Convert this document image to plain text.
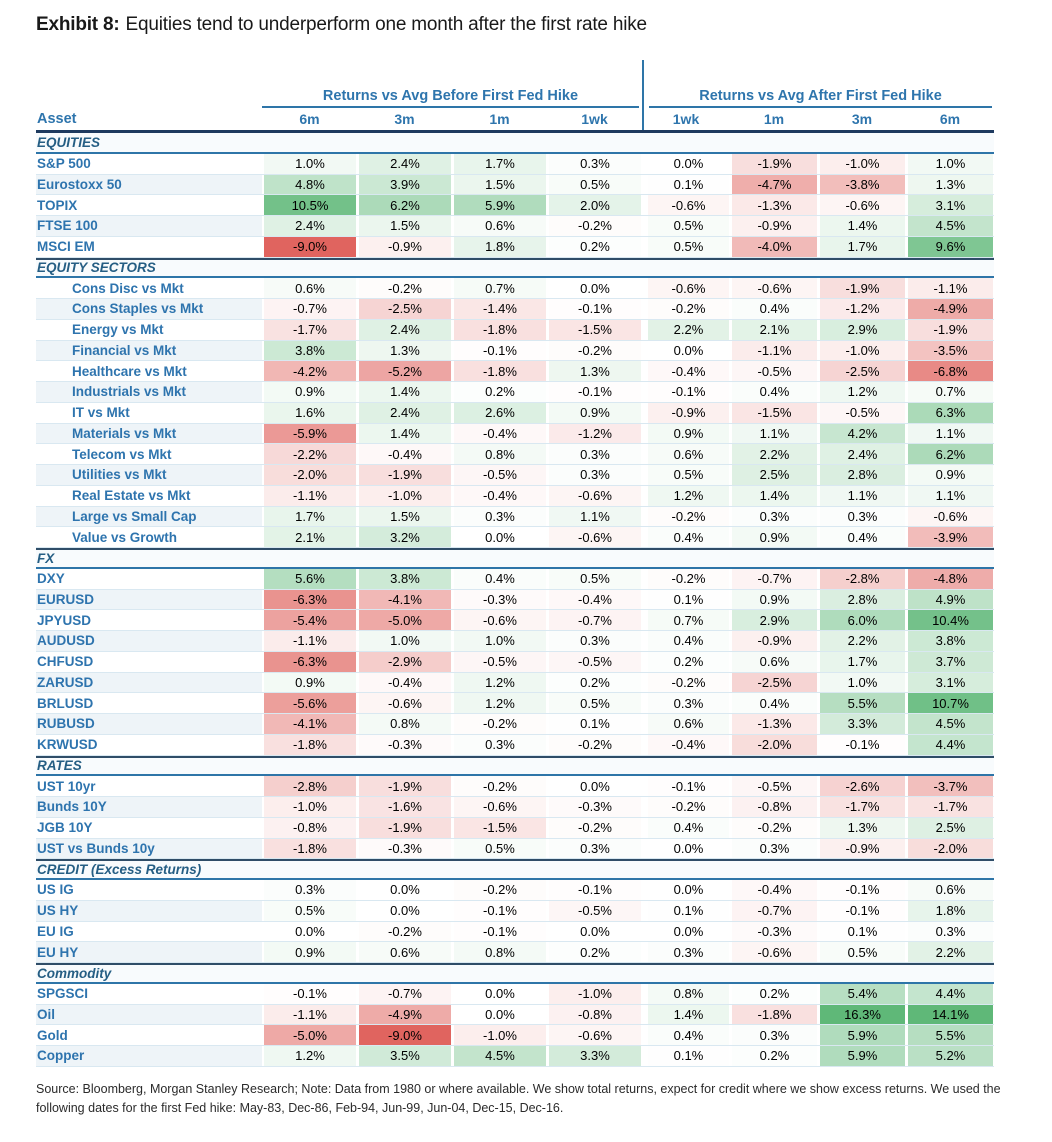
Exhibit 8: Equities tend to underperform one month after the first rate hike
Returns vs Avg Before First Fed Hike	Returns vs Avg After First Fed Hike
Asset	6m	3m	1m	1wk	1wk	1m	3m	6m
EQUITIES
S&P 500	1.0%	2.4%	1.7%	0.3%	0.0%	-1.9%	-1.0%	1.0%
Eurostoxx 50	4.8%	3.9%	1.5%	0.5%	0.1%	-4.7%	-3.8%	1.3%
TOPIX	10.5%	6.2%	5.9%	2.0%	-0.6%	-1.3%	-0.6%	3.1%
FTSE 100	2.4%	1.5%	0.6%	-0.2%	0.5%	-0.9%	1.4%	4.5%
MSCI EM	-9.0%	-0.9%	1.8%	0.2%	0.5%	-4.0%	1.7%	9.6%
EQUITY SECTORS
Cons Disc vs Mkt	0.6%	-0.2%	0.7%	0.0%	-0.6%	-0.6%	-1.9%	-1.1%
Cons Staples vs Mkt	-0.7%	-2.5%	-1.4%	-0.1%	-0.2%	0.4%	-1.2%	-4.9%
Energy vs Mkt	-1.7%	2.4%	-1.8%	-1.5%	2.2%	2.1%	2.9%	-1.9%
Financial vs Mkt	3.8%	1.3%	-0.1%	-0.2%	0.0%	-1.1%	-1.0%	-3.5%
Healthcare vs Mkt	-4.2%	-5.2%	-1.8%	1.3%	-0.4%	-0.5%	-2.5%	-6.8%
Industrials vs Mkt	0.9%	1.4%	0.2%	-0.1%	-0.1%	0.4%	1.2%	0.7%
IT vs Mkt	1.6%	2.4%	2.6%	0.9%	-0.9%	-1.5%	-0.5%	6.3%
Materials vs Mkt	-5.9%	1.4%	-0.4%	-1.2%	0.9%	1.1%	4.2%	1.1%
Telecom vs Mkt	-2.2%	-0.4%	0.8%	0.3%	0.6%	2.2%	2.4%	6.2%
Utilities vs Mkt	-2.0%	-1.9%	-0.5%	0.3%	0.5%	2.5%	2.8%	0.9%
Real Estate vs Mkt	-1.1%	-1.0%	-0.4%	-0.6%	1.2%	1.4%	1.1%	1.1%
Large vs Small Cap	1.7%	1.5%	0.3%	1.1%	-0.2%	0.3%	0.3%	-0.6%
Value vs Growth	2.1%	3.2%	0.0%	-0.6%	0.4%	0.9%	0.4%	-3.9%
FX
DXY	5.6%	3.8%	0.4%	0.5%	-0.2%	-0.7%	-2.8%	-4.8%
EURUSD	-6.3%	-4.1%	-0.3%	-0.4%	0.1%	0.9%	2.8%	4.9%
JPYUSD	-5.4%	-5.0%	-0.6%	-0.7%	0.7%	2.9%	6.0%	10.4%
AUDUSD	-1.1%	1.0%	1.0%	0.3%	0.4%	-0.9%	2.2%	3.8%
CHFUSD	-6.3%	-2.9%	-0.5%	-0.5%	0.2%	0.6%	1.7%	3.7%
ZARUSD	0.9%	-0.4%	1.2%	0.2%	-0.2%	-2.5%	1.0%	3.1%
BRLUSD	-5.6%	-0.6%	1.2%	0.5%	0.3%	0.4%	5.5%	10.7%
RUBUSD	-4.1%	0.8%	-0.2%	0.1%	0.6%	-1.3%	3.3%	4.5%
KRWUSD	-1.8%	-0.3%	0.3%	-0.2%	-0.4%	-2.0%	-0.1%	4.4%
RATES
UST 10yr	-2.8%	-1.9%	-0.2%	0.0%	-0.1%	-0.5%	-2.6%	-3.7%
Bunds 10Y	-1.0%	-1.6%	-0.6%	-0.3%	-0.2%	-0.8%	-1.7%	-1.7%
JGB 10Y	-0.8%	-1.9%	-1.5%	-0.2%	0.4%	-0.2%	1.3%	2.5%
UST vs Bunds 10y	-1.8%	-0.3%	0.5%	0.3%	0.0%	0.3%	-0.9%	-2.0%
CREDIT (Excess Returns)
US IG	0.3%	0.0%	-0.2%	-0.1%	0.0%	-0.4%	-0.1%	0.6%
US HY	0.5%	0.0%	-0.1%	-0.5%	0.1%	-0.7%	-0.1%	1.8%
EU IG	0.0%	-0.2%	-0.1%	0.0%	0.0%	-0.3%	0.1%	0.3%
EU HY	0.9%	0.6%	0.8%	0.2%	0.3%	-0.6%	0.5%	2.2%
Commodity
SPGSCI	-0.1%	-0.7%	0.0%	-1.0%	0.8%	0.2%	5.4%	4.4%
Oil	-1.1%	-4.9%	0.0%	-0.8%	1.4%	-1.8%	16.3%	14.1%
Gold	-5.0%	-9.0%	-1.0%	-0.6%	0.4%	0.3%	5.9%	5.5%
Copper	1.2%	3.5%	4.5%	3.3%	0.1%	0.2%	5.9%	5.2%
Source: Bloomberg, Morgan Stanley Research; Note: Data from 1980 or where available. We show total returns, expect for credit where we show excess returns. We used the following dates for the first Fed hike: May-83, Dec-86, Feb-94, Jun-99, Jun-04, Dec-15, Dec-16.
